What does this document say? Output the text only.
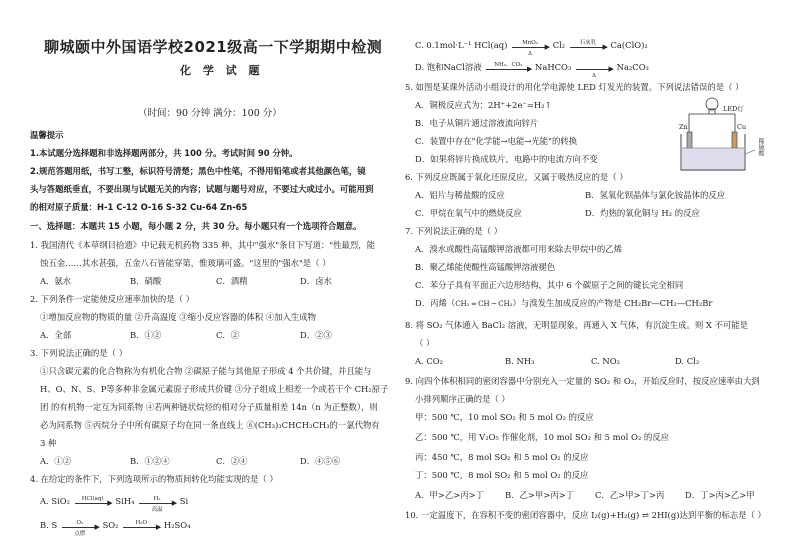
聊城颐中外国语学校2021级高一下学期期中检测
化 学 试 题
（时间：90 分钟 满分：100 分）
温馨提示
1.本试题分选择题和非选择题两部分，共 100 分。考试时间 90 分钟。
2.规范答题用纸，书写工整，标识符号清楚；黑色中性笔，不得用铅笔或者其他颜色笔，镜
头与答题纸垂直，不要出现与试题无关的内容；试题与题号对应，不要过大或过小。可能用到
的相对原子质量：H-1 C-12 O-16 S-32 Cu-64 Zn-65
一、选择题：本题共 15 小题，每小题 2 分，共 30 分。每小题只有一个选项符合题意。
1. 我国清代《本草纲目拾遗》中记载无机药物 335 种，其中"强水"条目下写道："性最烈，能
蚀五金……其水甚强，五金八石皆能穿第，惟玻璃可盛。"这里的"强水"是（ ）
A．氨水	B．硝酸	C．酒精	D．卤水
2. 下列条件一定能使反应速率加快的是（ ）
①增加反应物的物质的量 ②升高温度 ③缩小反应容器的体积 ④加入生成物
A．全部	B．①②	C．②	D．②③
3. 下列说法正确的是（ ）
①只含碳元素的化合物称为有机化合物 ②碳原子能与其他原子形成 4 个共价键，并且能与
H、O、N、S、P等多种非金属元素原子形成共价键 ③分子组成上相差一个或若干个 CH₂原子
团 的有机物一定互为同系物 ④若两种链状烷烃的相对分子质量相差 14n（n 为正整数），则
必为同系物 ⑤丙烷分子中所有碳原子均在同一条直线上 ⑥(CH₃)₃CHCH₂CH₃的一氯代物有
3 种
A．①②	B．①②④	C．②④	D．④⑤⑥
4. 在给定的条件下，下列选项所示的物质间转化均能实现的是（ ）
A. SiO₂	HCl(aq) ▶ SiH₄	H₂	▶
高温
Si
B. S	O₂	▶
点燃
SO₂	H₂O	▶ H₂SO₄
C. 0.1mol·L⁻¹ HCl(aq)	MnO₂ ▶
Δ
Cl₂	石灰乳 ▶ Ca(ClO)₂
D. 饱和NaCl溶液	NH₃、CO₂ ▶ NaHCO₃	▶
Δ
Na₂CO₃
5. 如图是某课外活动小组设计的用化学电源使 LED 灯发光的装置。下列说法错误的是（ ）
A．铜极反应式为：2H⁺+2e⁻=H₂↑
B．电子从铜片通过溶液流向锌片
C．装置中存在"化学能→电能→光能"的转换
D．如果将锌片换成铁片，电路中的电流方向不变
LED灯
Zn	Cu
稀硫酸
6. 下列反应既属于氧化还原反应，又属于吸热反应的是（ ）
A．铝片与稀盐酸的反应	B．氢氧化钡晶体与氯化铵晶体的反应
C．甲烷在氧气中的燃烧反应	D．灼热的氧化铜与 H₂ 的反应
7. 下列说法正确的是（ ）
A．溴水或酸性高锰酸钾溶液都可用来除去甲烷中的乙烯
B．聚乙烯能使酸性高锰酸钾溶液褪色
C．苯分子具有平面正六边形结构，其中 6 个碳原子之间的键长完全相同
D．丙烯（CH₂ ═ CH ─ CH₃）与溴发生加成反应的产物是 CH₂Br—CH₂—CH₂Br
8. 将 SO₂ 气体通入 BaCl₂ 溶液，无明显现象，再通入 X 气体，有沉淀生成。则 X 不可能是
（ ）
A. CO₂	B. NH₃	C. NO₂	D. Cl₂
9. 向四个体积相同的密闭容器中分别充入一定量的 SO₂ 和 O₂，开始反应时，按反应速率由大到
小排列顺序正确的是（ ）
甲：500 ℃，10 mol SO₂ 和 5 mol O₂ 的反应
乙：500 ℃，用 V₂O₅ 作催化剂，10 mol SO₂ 和 5 mol O₂ 的反应
丙：450 ℃，8 mol SO₂ 和 5 mol O₂ 的反应
丁：500 ℃，8 mol SO₂ 和 5 mol O₂ 的反应
A．甲>乙>丙>丁	B．乙>甲>丙>丁 C．乙>甲>丁>丙 D．丁>丙>乙>甲
10. 一定温度下，在容积不变的密闭容器中，反应 I₂(g)+H₂(g) ⇌ 2HI(g)达到平衡的标志是（ ）
